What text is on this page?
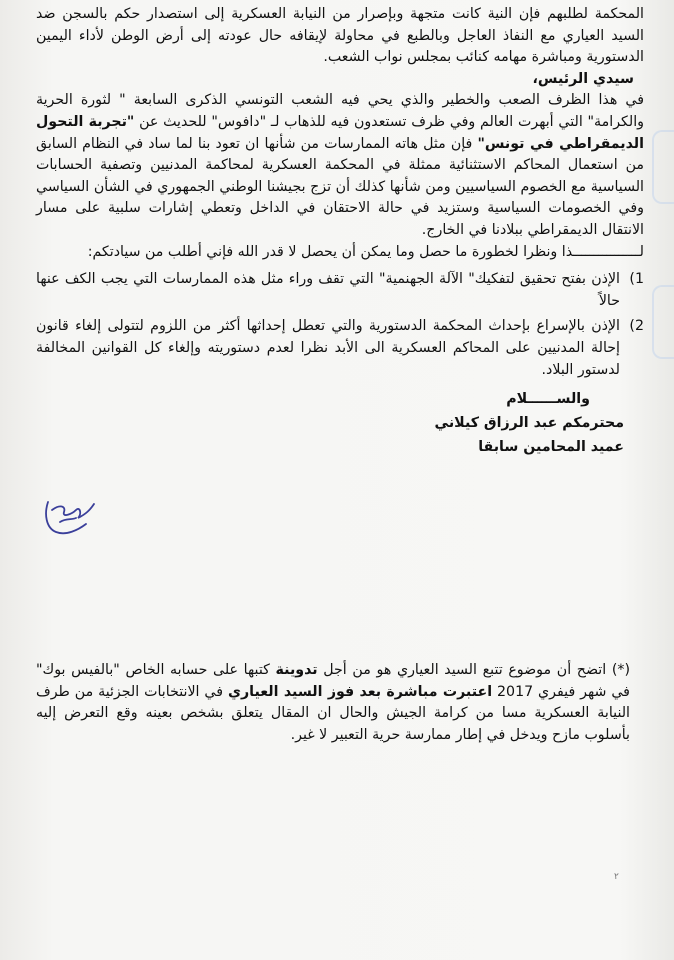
المحكمة لطلبهم فإن النية كانت متجهة وبإصرار من النيابة العسكرية إلى استصدار حكم بالسجن ضد السيد العياري مع النفاذ العاجل وبالطبع في محاولة لإيقافه حال عودته إلى أرض الوطن لأداء اليمين الدستورية ومباشرة مهامه كنائب بمجلس نواب الشعب.

سيدي الرئيس،

في هذا الظرف الصعب والخطير والذي يحي فيه الشعب التونسي الذكرى السابعة " لثورة الحرية والكرامة" التي أبهرت العالم وفي ظرف تستعدون فيه للذهاب لـ "دافوس" للحديث عن "تجربة التحول الديمقراطي في تونس" فإن مثل هاته الممارسات من شأنها ان تعود بنا لما ساد في النظام السابق من استعمال المحاكم الاستثنائية ممثلة في المحكمة العسكرية لمحاكمة المدنيين وتصفية الحسابات السياسية مع الخصوم السياسيين ومن شأنها كذلك أن تزج بجيشنا الوطني الجمهوري في الشأن السياسي وفي الخصومات السياسية وستزيد في حالة الاحتقان في الداخل وتعطي إشارات سلبية على مسار الانتقال الديمقراطي ببلادنا في الخارج.

لــــــــــــــــذا ونظرا لخطورة ما حصل وما يمكن أن يحصل لا قدر الله فإني أطلب من سيادتكم:

1)
الإذن بفتح تحقيق لتفكيك" الآلة الجهنمية" التي تقف وراء مثل هذه الممارسات التي يجب الكف عنها حالاً
2)
الإذن بالإسراع بإحداث المحكمة الدستورية والتي تعطل إحداثها أكثر من اللزوم لتتولى إلغاء قانون إحالة المدنيين على المحاكم العسكرية الى الأبد نظرا لعدم دستوريته وإلغاء كل القوانين المخالفة لدستور البلاد.
والســــــلام
محترمكم عبد الرزاق كيلاني
عميد المحامين سابقا
(*) اتضح أن موضوع تتبع السيد العياري هو من أجل تدوينة كتبها على حسابه الخاص "بالفيس بوك" في شهر فيفري 2017 اعتبرت مباشرة بعد فوز السيد العياري في الانتخابات الجزئية من طرف النيابة العسكرية مسا من كرامة الجيش والحال ان المقال يتعلق بشخص بعينه وقع التعرض إليه بأسلوب مازح ويدخل في إطار ممارسة حرية التعبير لا غير.
٢
